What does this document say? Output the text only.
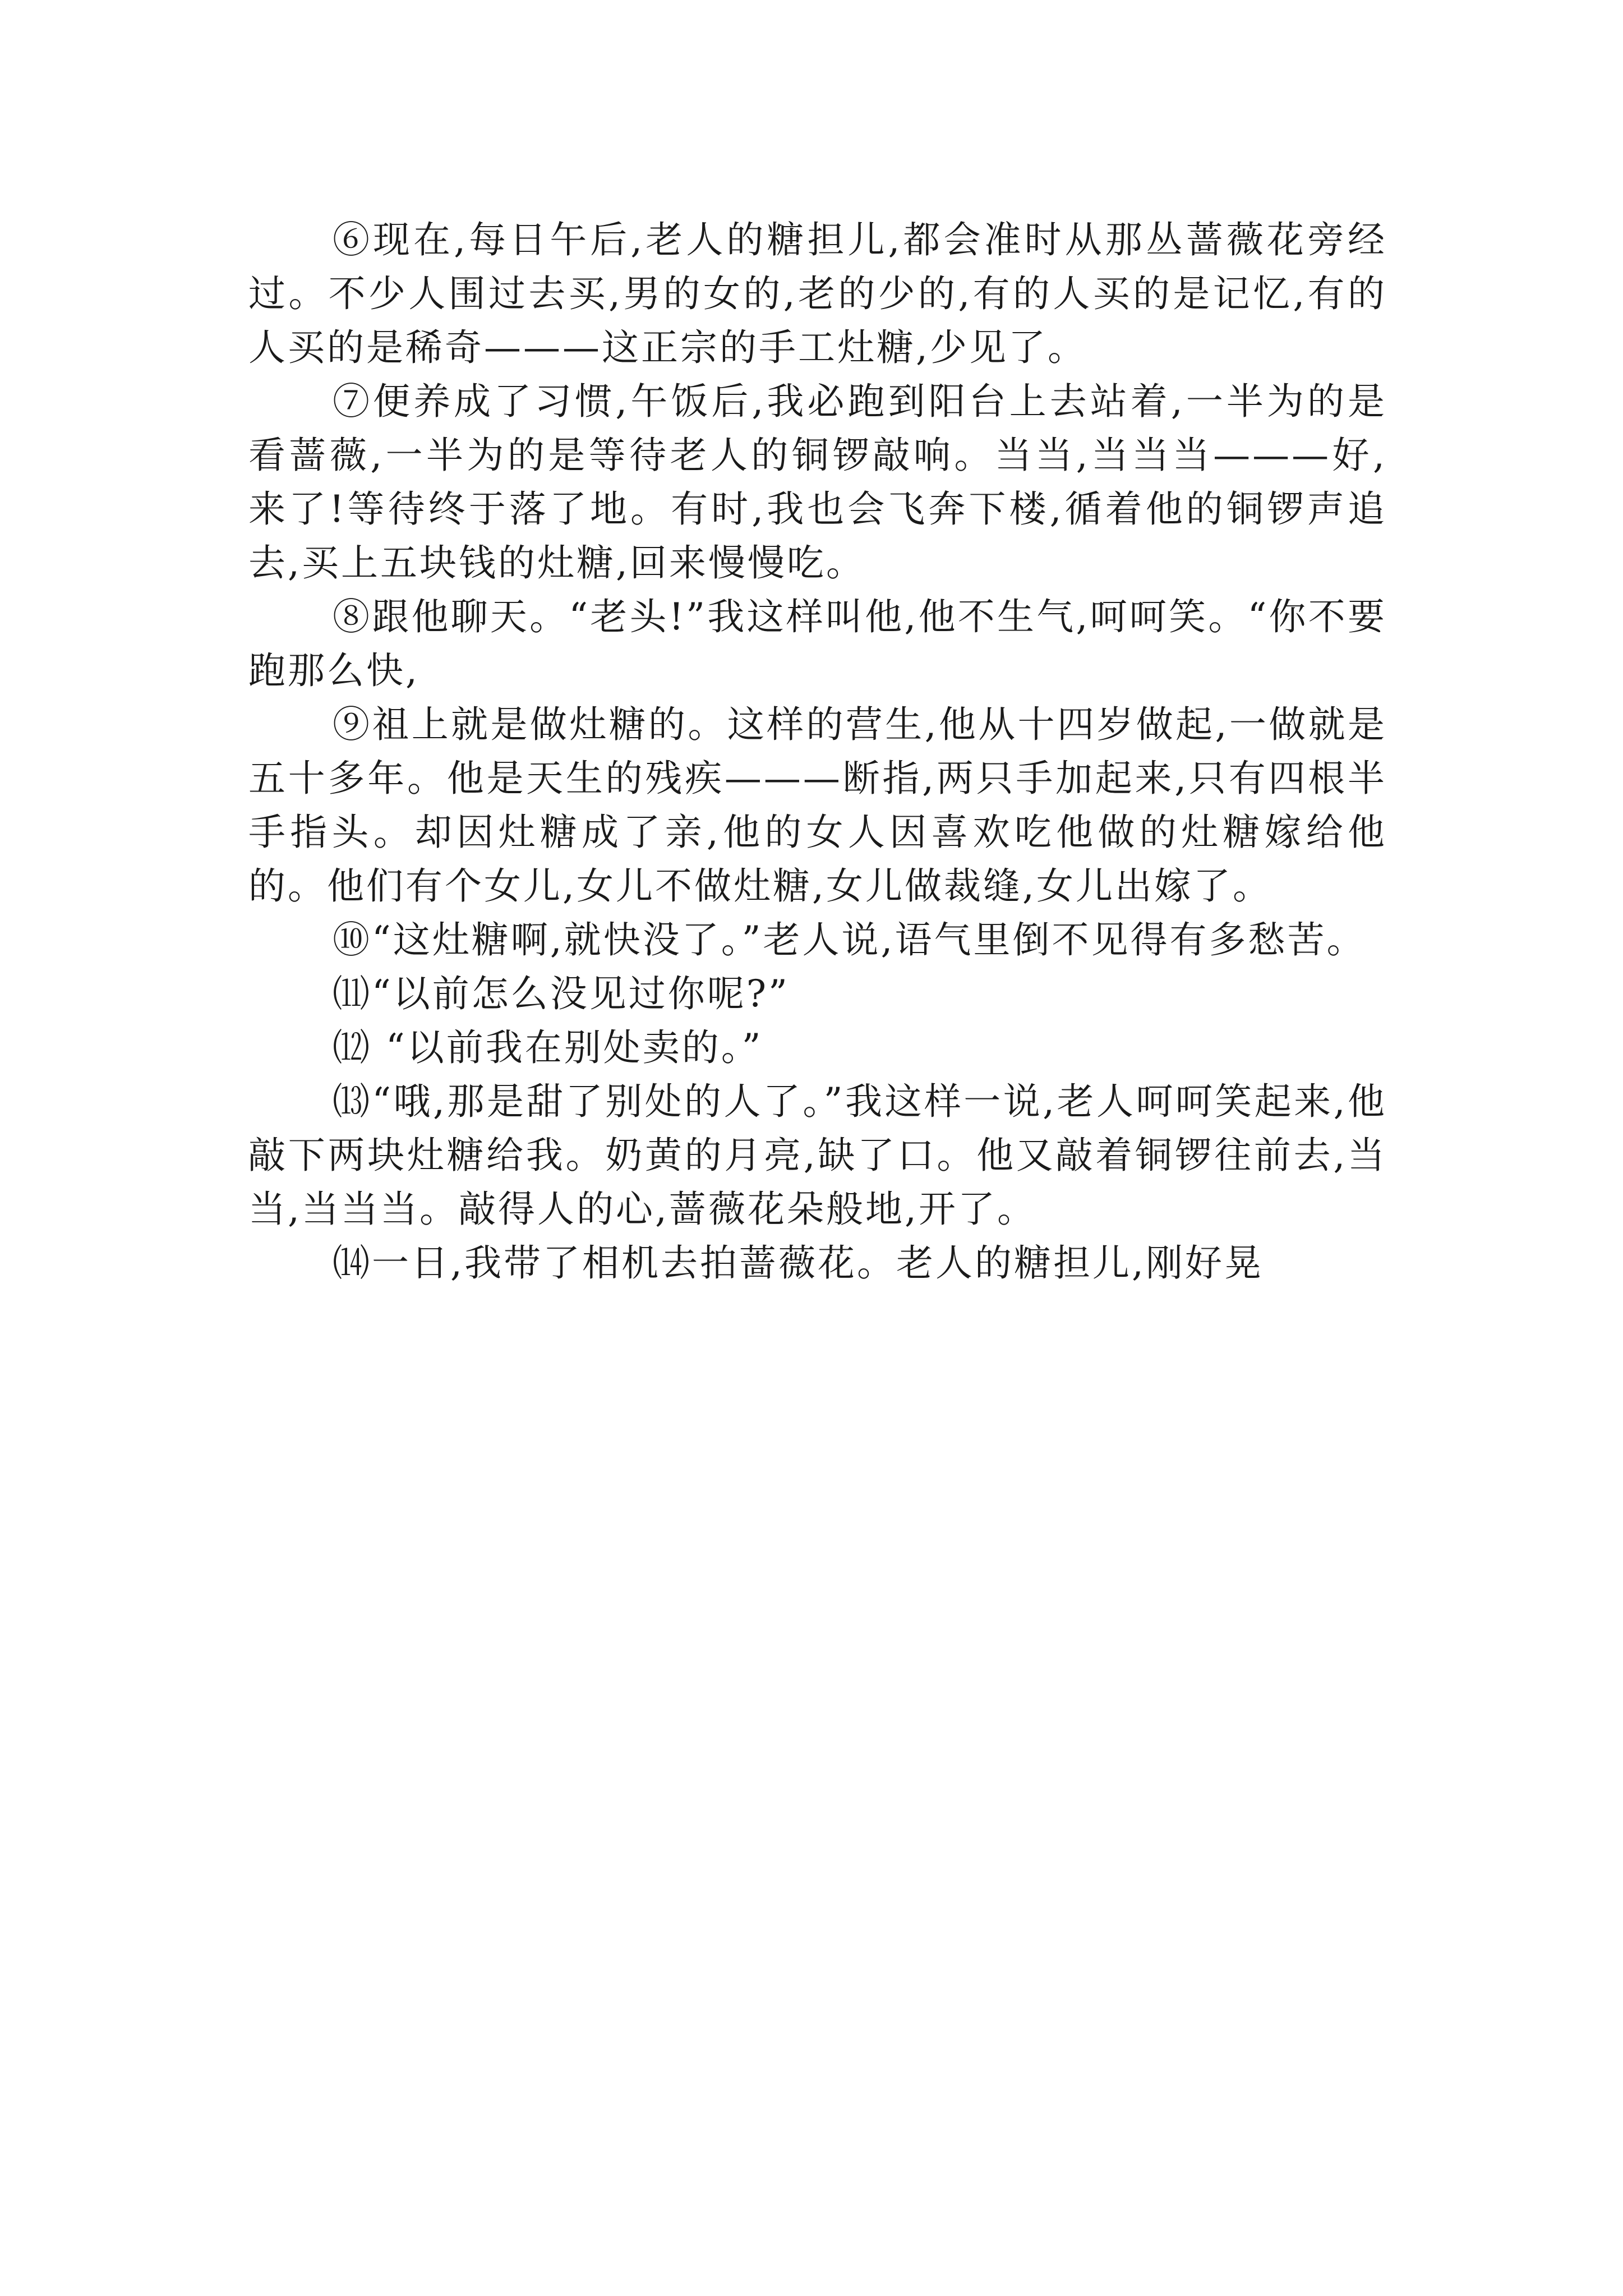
⑥现在,每日午后,老人的糖担儿,都会准时从那丛蔷薇花旁经过。不少人围过去买,男的女的,老的少的,有的人买的是记忆,有的人买的是稀奇———这正宗的手工灶糖,少见了。

⑦便养成了习惯,午饭后,我必跑到阳台上去站着,一半为的是看蔷薇,一半为的是等待老人的铜锣敲响。当当,当当当———好,来了!等待终于落了地。有时,我也会飞奔下楼,循着他的铜锣声追去,买上五块钱的灶糖,回来慢慢吃。

⑧跟他聊天。“老头!”我这样叫他,他不生气,呵呵笑。“你不要跑那么快,

⑨祖上就是做灶糖的。这样的营生,他从十四岁做起,一做就是五十多年。他是天生的残疾———断指,两只手加起来,只有四根半手指头。却因灶糖成了亲,他的女人因喜欢吃他做的灶糖嫁给他的。他们有个女儿,女儿不做灶糖,女儿做裁缝,女儿出嫁了。

⑩“这灶糖啊,就快没了。”老人说,语气里倒不见得有多愁苦。

⑾“以前怎么没见过你呢?”

⑿ “以前我在别处卖的。”

⒀“哦,那是甜了别处的人了。”我这样一说,老人呵呵笑起来,他敲下两块灶糖给我。奶黄的月亮,缺了口。他又敲着铜锣往前去,当当,当当当。敲得人的心,蔷薇花朵般地,开了。

⒁一日,我带了相机去拍蔷薇花。老人的糖担儿,刚好晃
